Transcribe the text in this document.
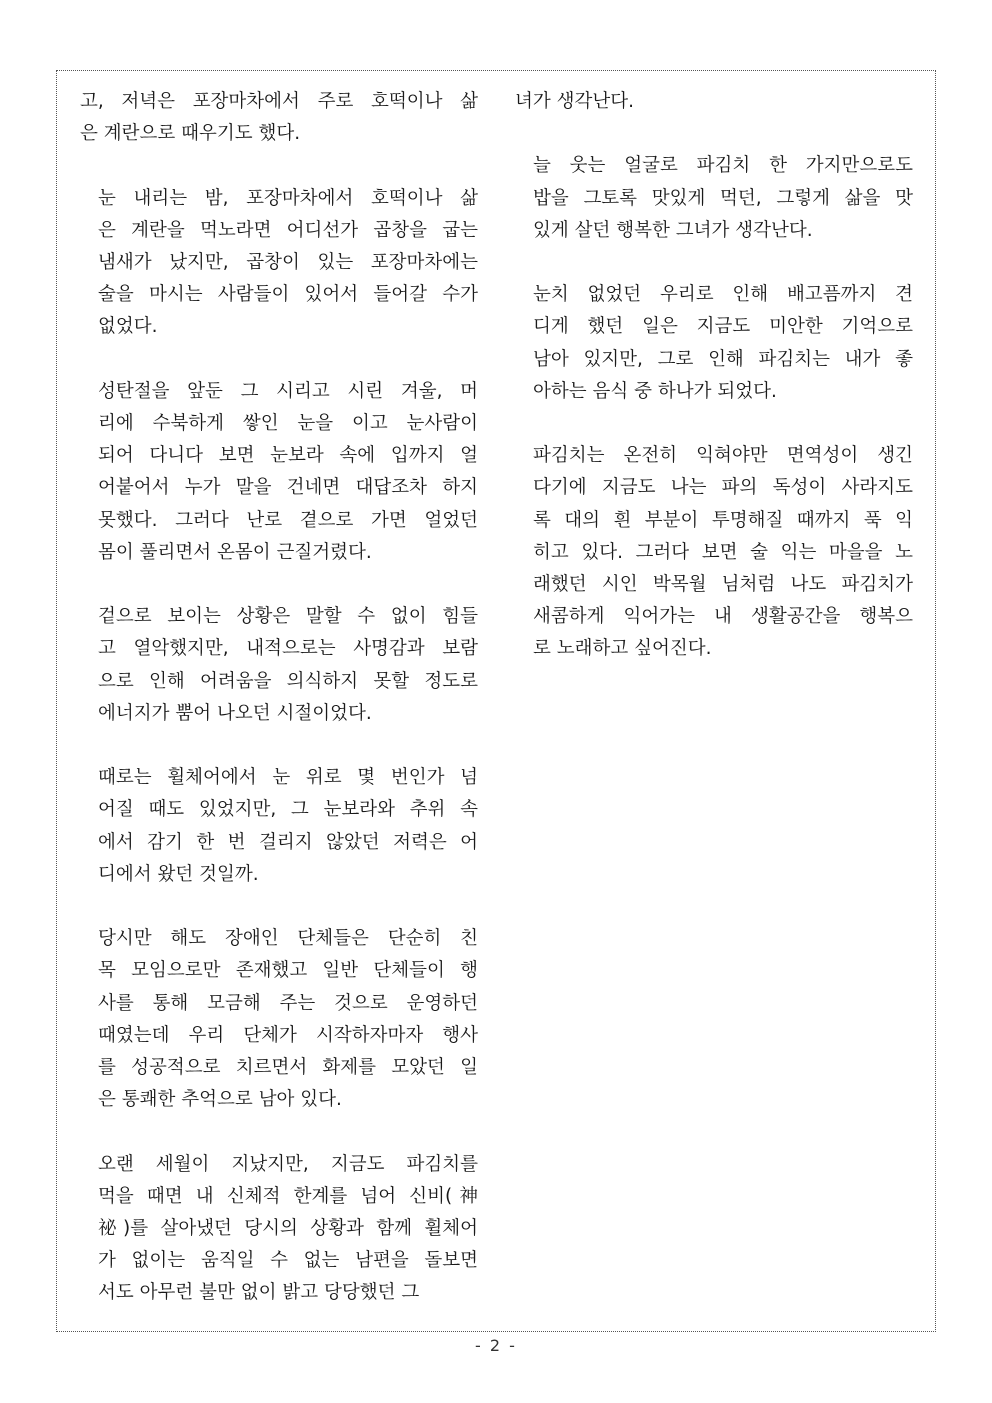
고, 저녁은 포장마차에서 주로 호떡이나 삶
은 계란으로 때우기도 했다.
눈 내리는 밤, 포장마차에서 호떡이나 삶
은 계란을 먹노라면 어디선가 곱창을 굽는
냄새가 났지만, 곱창이 있는 포장마차에는
술을 마시는 사람들이 있어서 들어갈 수가
없었다.
성탄절을 앞둔 그 시리고 시린 겨울, 머
리에 수북하게 쌓인 눈을 이고 눈사람이
되어 다니다 보면 눈보라 속에 입까지 얼
어붙어서 누가 말을 건네면 대답조차 하지
못했다. 그러다 난로 곁으로 가면 얼었던
몸이 풀리면서 온몸이 근질거렸다.
겉으로 보이는 상황은 말할 수 없이 힘들
고 열악했지만, 내적으로는 사명감과 보람
으로 인해 어려움을 의식하지 못할 정도로
에너지가 뿜어 나오던 시절이었다.
때로는 휠체어에서 눈 위로 몇 번인가 넘
어질 때도 있었지만, 그 눈보라와 추위 속
에서 감기 한 번 걸리지 않았던 저력은 어
디에서 왔던 것일까.
당시만 해도 장애인 단체들은 단순히 친
목 모임으로만 존재했고 일반 단체들이 행
사를 통해 모금해 주는 것으로 운영하던
때였는데 우리 단체가 시작하자마자 행사
를 성공적으로 치르면서 화제를 모았던 일
은 통쾌한 추억으로 남아 있다.
오랜 세월이 지났지만, 지금도 파김치를
먹을 때면 내 신체적 한계를 넘어 신비(神
祕)를 살아냈던 당시의 상황과 함께 휠체어
가 없이는 움직일 수 없는 남편을 돌보면
서도 아무런 불만 없이 밝고 당당했던 그
녀가 생각난다.
늘 웃는 얼굴로 파김치 한 가지만으로도
밥을 그토록 맛있게 먹던, 그렇게 삶을 맛
있게 살던 행복한 그녀가 생각난다.
눈치 없었던 우리로 인해 배고픔까지 견
디게 했던 일은 지금도 미안한 기억으로
남아 있지만, 그로 인해 파김치는 내가 좋
아하는 음식 중 하나가 되었다.
파김치는 온전히 익혀야만 면역성이 생긴
다기에 지금도 나는 파의 독성이 사라지도
록 대의 흰 부분이 투명해질 때까지 푹 익
히고 있다. 그러다 보면 술 익는 마을을 노
래했던 시인 박목월 님처럼 나도 파김치가
새콤하게 익어가는 내 생활공간을 행복으
로 노래하고 싶어진다.
- 2 -
